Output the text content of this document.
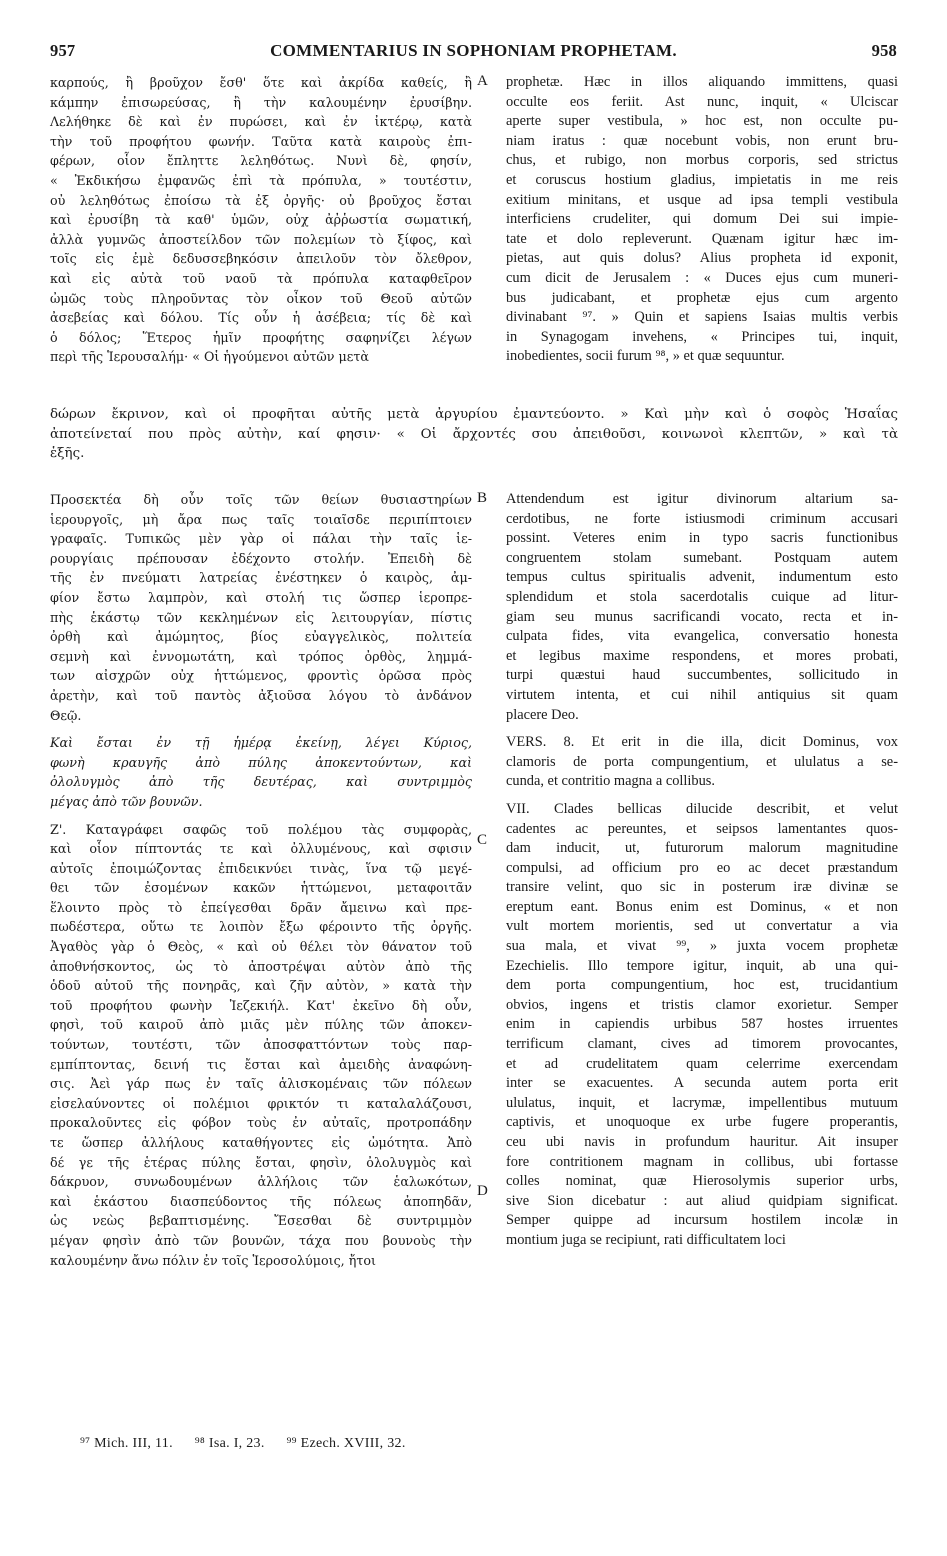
957	COMMENTARIUS IN SOPHONIAM PROPHETAM.	958

καρπούς, ἢ βροῦχον ἔσθ' ὅτε καὶ ἀκρίδα καθείς, ἢ

κάμπην ἐπισωρεύσας, ἢ τὴν καλουμένην ἐρυσίβην.

Λελήθηκε δὲ καὶ ἐν πυρώσει, καὶ ἐν ἰκτέρῳ, κατὰ

τὴν τοῦ προφήτου φωνήν. Ταῦτα κατὰ καιροὺς ἐπι-

φέρων, οἷον ἔπληττε λεληθότως. Νυνὶ δὲ, φησίν,

« Ἐκδικήσω ἐμφανῶς ἐπὶ τὰ πρόπυλα, » τουτέστιν,

οὐ λεληθότως ἐποίσω τὰ ἐξ ὀργῆς· οὐ βροῦχος ἔσται

καὶ ἐρυσίβη τὰ καθ' ὑμῶν, οὐχ ἀῤῥωστία σωματική,

ἀλλὰ γυμνῶς ἀποστείλδον τῶν πολεμίων τὸ ξίφος, καὶ

τοῖς εἰς ἐμὲ δεδυσσεβηκόσιν ἀπειλοῦν τὸν ὄλεθρον,

καὶ εἰς αὐτὰ τοῦ ναοῦ τὰ πρόπυλα καταφθεῖρον

ὠμῶς τοὺς πληροῦντας τὸν οἶκον τοῦ Θεοῦ αὐτῶν

ἀσεβείας καὶ δόλου. Τίς οὖν ἡ ἀσέβεια; τίς δὲ καὶ

ὁ δόλος; Ἕτερος ἡμῖν προφήτης σαφηνίζει λέγων

περὶ τῆς Ἱερουσαλήμ· « Οἱ ἡγούμενοι αὐτῶν μετὰ

prophetæ. Hæc in illos aliquando immittens, quasi

occulte eos feriit. Ast nunc, inquit, « Ulciscar

aperte super vestibula, » hoc est, non occulte pu-

niam iratus : quæ nocebunt vobis, non erunt bru-

chus, et rubigo, non morbus corporis, sed strictus

et coruscus hostium gladius, impietatis in me reis

exitium minitans, et usque ad ipsa templi vestibula

interficiens crudeliter, qui domum Dei sui impie-

tate et dolo repleverunt. Quænam igitur hæc im-

pietas, aut quis dolus? Alius propheta id exponit,

cum dicit de Jerusalem : « Duces ejus cum muneri-

bus judicabant, et prophetæ ejus cum argento

divinabant ⁹⁷. » Quin et sapiens Isaias multis verbis

in Synagogam invehens, « Principes tui, inquit,

inobedientes, socii furum ⁹⁸, » et quæ sequuntur.

δώρων ἔκρινον, καὶ οἱ προφῆται αὐτῆς μετὰ ἀργυρίου ἐμαντεύοντο. » Καὶ μὴν καὶ ὁ σοφὸς Ἡσαΐας

ἀποτείνεταί που πρὸς αὐτὴν, καί φησιν· « Οἱ ἄρχοντές σου ἀπειθοῦσι, κοινωνοὶ κλεπτῶν, » καὶ τὰ

ἑξῆς.

Προσεκτέα δὴ οὖν τοῖς τῶν θείων θυσιαστηρίων

ἱερουργοῖς, μὴ ἄρα πως ταῖς τοιαῖσδε περιπίπτοιεν

γραφαῖς. Τυπικῶς μὲν γὰρ οἱ πάλαι τὴν ταῖς ἱε-

ρουργίαις πρέπουσαν ἐδέχοντο στολήν. Ἐπειδὴ δὲ

τῆς ἐν πνεύματι λατρείας ἐνέστηκεν ὁ καιρὸς, ἀμ-

φίον ἔστω λαμπρὸν, καὶ στολή τις ὥσπερ ἱεροπρε-

πὴς ἑκάστῳ τῶν κεκλημένων εἰς λειτουργίαν, πίστις

ὀρθὴ καὶ ἀμώμητος, βίος εὐαγγελικὸς, πολιτεία

σεμνὴ καὶ ἐννομωτάτη, καὶ τρόπος ὀρθὸς, λημμά-

των αἰσχρῶν οὐχ ἡττώμενος, φροντὶς ὁρῶσα πρὸς

ἀρετὴν, καὶ τοῦ παντὸς ἀξιοῦσα λόγου τὸ ἀνδάνον

Θεῷ.

Καὶ ἔσται ἐν τῇ ἡμέρᾳ ἐκείνῃ, λέγει Κύριος,

φωνὴ κραυγῆς ἀπὸ πύλης ἀποκεντούντων, καὶ

ὀλολυγμὸς ἀπὸ τῆς δευτέρας, καὶ συντριμμὸς

μέγας ἀπὸ τῶν βουνῶν.

Ζ'. Καταγράφει σαφῶς τοῦ πολέμου τὰς συμφορὰς,

καὶ οἷον πίπτοντάς τε καὶ ὀλλυμένους, καὶ σφισιν

αὐτοῖς ἐποιμώζοντας ἐπιδεικνύει τινὰς, ἵνα τῷ μεγέ-

θει τῶν ἐσομένων κακῶν ἡττώμενοι, μεταφοιτᾶν

ἕλοιντο πρὸς τὸ ἐπείγεσθαι δρᾶν ἄμεινω καὶ πρε-

πωδέστερα, οὕτω τε λοιπὸν ἔξω φέροιντο τῆς ὀργῆς.

Ἀγαθὸς γὰρ ὁ Θεὸς, « καὶ οὐ θέλει τὸν θάνατον τοῦ

ἀποθνήσκοντος, ὡς τὸ ἀποστρέψαι αὐτὸν ἀπὸ τῆς

ὁδοῦ αὐτοῦ τῆς πονηρᾶς, καὶ ζῆν αὐτὸν, » κατὰ τὴν

τοῦ προφήτου φωνὴν Ἰεζεκιήλ. Κατ' ἐκεῖνο δὴ οὖν,

φησὶ, τοῦ καιροῦ ἀπὸ μιᾶς μὲν πύλης τῶν ἀποκεν-

τούντων, τουτέστι, τῶν ἀποσφαττόντων τοὺς παρ-

εμπίπτοντας, δεινή τις ἔσται καὶ ἀμειδὴς ἀναφώνη-

σις. Ἀεὶ γάρ πως ἐν ταῖς ἁλισκομέναις τῶν πόλεων

εἰσελαύνοντες οἱ πολέμιοι φρικτόν τι καταλαλάζουσι,

προκαλοῦντες εἰς φόβον τοὺς ἐν αὐταῖς, προτροπάδην

τε ὥσπερ ἀλλήλους καταθήγοντες εἰς ὠμότητα. Ἀπὸ

δέ γε τῆς ἑτέρας πύλης ἔσται, φησὶν, ὀλολυγμὸς καὶ

δάκρυον, συνωδουμένων ἀλλήλοις τῶν ἑαλωκότων,

καὶ ἑκάστου διασπεύδοντος τῆς πόλεως ἀποπηδᾶν,

ὡς νεὼς βεβαπτισμένης. Ἔσεσθαι δὲ συντριμμὸν

μέγαν φησὶν ἀπὸ τῶν βουνῶν, τάχα που βουνοὺς τὴν

καλουμένην ἄνω πόλιν ἐν τοῖς Ἱεροσολύμοις, ἤτοι

Attendendum est igitur divinorum altarium sa-

cerdotibus, ne forte istiusmodi criminum accusari

possint. Veteres enim in typo sacris functionibus

congruentem stolam sumebant. Postquam autem

tempus cultus spiritualis advenit, indumentum esto

splendidum et stola sacerdotalis cuique ad litur-

giam seu munus sacrificandi vocato, recta et in-

culpata fides, vita evangelica, conversatio honesta

et legibus maxime respondens, et mores probati,

turpi quæstui haud succumbentes, sollicitudo in

virtutem intenta, et cui nihil antiquius sit quam

placere Deo.

VERS. 8. Et erit in die illa, dicit Dominus, vox

clamoris de porta compungentium, et ululatus a se-

cunda, et contritio magna a collibus.

VII. Clades bellicas dilucide describit, et velut

cadentes ac pereuntes, et seipsos lamentantes quos-

dam inducit, ut, futurorum malorum magnitudine

compulsi, ad officium pro eo ac decet præstandum

transire velint, quo sic in posterum iræ divinæ se

ereptum eant. Bonus enim est Dominus, « et non

vult mortem morientis, sed ut convertatur a via

sua mala, et vivat ⁹⁹, » juxta vocem prophetæ

Ezechielis. Illo tempore igitur, inquit, ab una qui-

dem porta compungentium, hoc est, trucidantium

obvios, ingens et tristis clamor exorietur. Semper

enim in capiendis urbibus 587 hostes irruentes

terrificum clamant, cives ad timorem provocantes,

et ad crudelitatem quam celerrime exercendam

inter se exacuentes. A secunda autem porta erit

ululatus, inquit, et lacrymæ, impellentibus mutuum

captivis, et unoquoque ex urbe fugere properantis,

ceu ubi navis in profundum hauritur. Ait insuper

fore contritionem magnam in collibus, ubi fortasse

colles nominat, quæ Hierosolymis superior urbs,

sive Sion dicebatur : aut aliud quidpiam significat.

Semper quippe ad incursum hostilem incolæ in

montium juga se recipiunt, rati difficultatem loci

A
B
C
D
⁹⁷ Mich. III, 11. ⁹⁸ Isa. I, 23. ⁹⁹ Ezech. XVIII, 32.
